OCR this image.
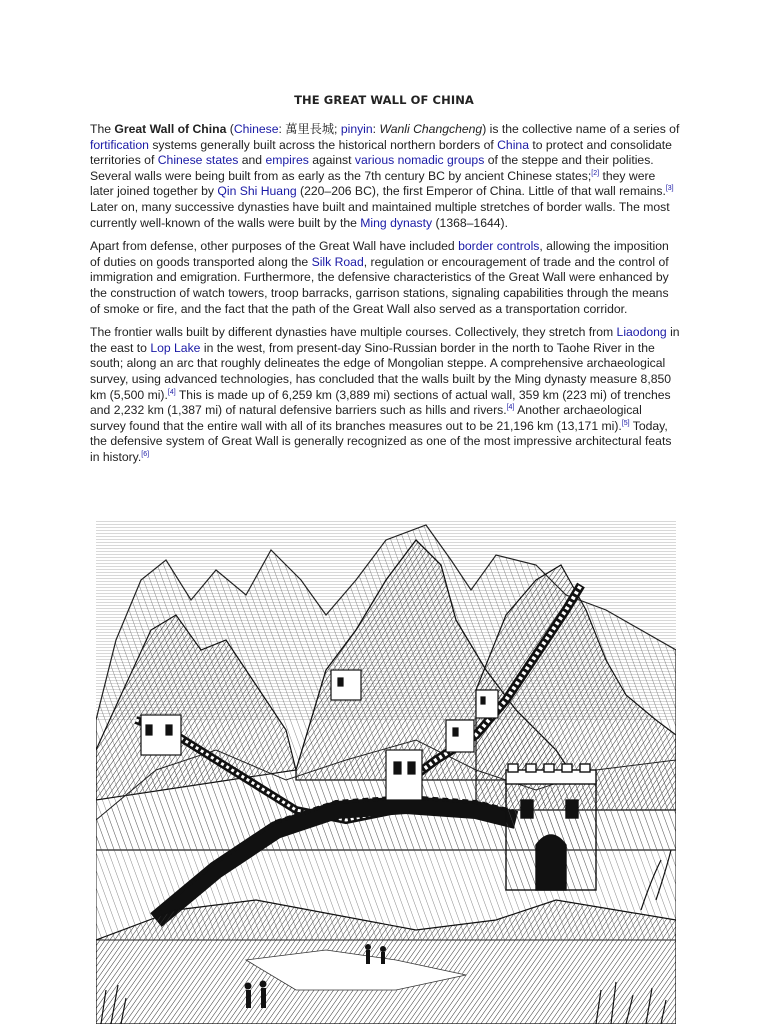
THE GREAT WALL OF CHINA

The Great Wall of China (Chinese: 萬里長城; pinyin: Wanli Changcheng) is the collective name of a series of fortification systems generally built across the historical northern borders of China to protect and consolidate territories of Chinese states and empires against various nomadic groups of the steppe and their polities. Several walls were being built from as early as the 7th century BC by ancient Chinese states;[2] they were later joined together by Qin Shi Huang (220–206 BC), the first Emperor of China. Little of that wall remains.[3] Later on, many successive dynasties have built and maintained multiple stretches of border walls. The most currently well-known of the walls were built by the Ming dynasty (1368–1644).

Apart from defense, other purposes of the Great Wall have included border controls, allowing the imposition of duties on goods transported along the Silk Road, regulation or encouragement of trade and the control of immigration and emigration. Furthermore, the defensive characteristics of the Great Wall were enhanced by the construction of watch towers, troop barracks, garrison stations, signaling capabilities through the means of smoke or fire, and the fact that the path of the Great Wall also served as a transportation corridor.

The frontier walls built by different dynasties have multiple courses. Collectively, they stretch from Liaodong in the east to Lop Lake in the west, from present-day Sino-Russian border in the north to Taohe River in the south; along an arc that roughly delineates the edge of Mongolian steppe. A comprehensive archaeological survey, using advanced technologies, has concluded that the walls built by the Ming dynasty measure 8,850 km (5,500 mi).[4] This is made up of 6,259 km (3,889 mi) sections of actual wall, 359 km (223 mi) of trenches and 2,232 km (1,387 mi) of natural defensive barriers such as hills and rivers.[4] Another archaeological survey found that the entire wall with all of its branches measures out to be 21,196 km (13,171 mi).[5] Today, the defensive system of Great Wall is generally recognized as one of the most impressive architectural feats in history.[6]
